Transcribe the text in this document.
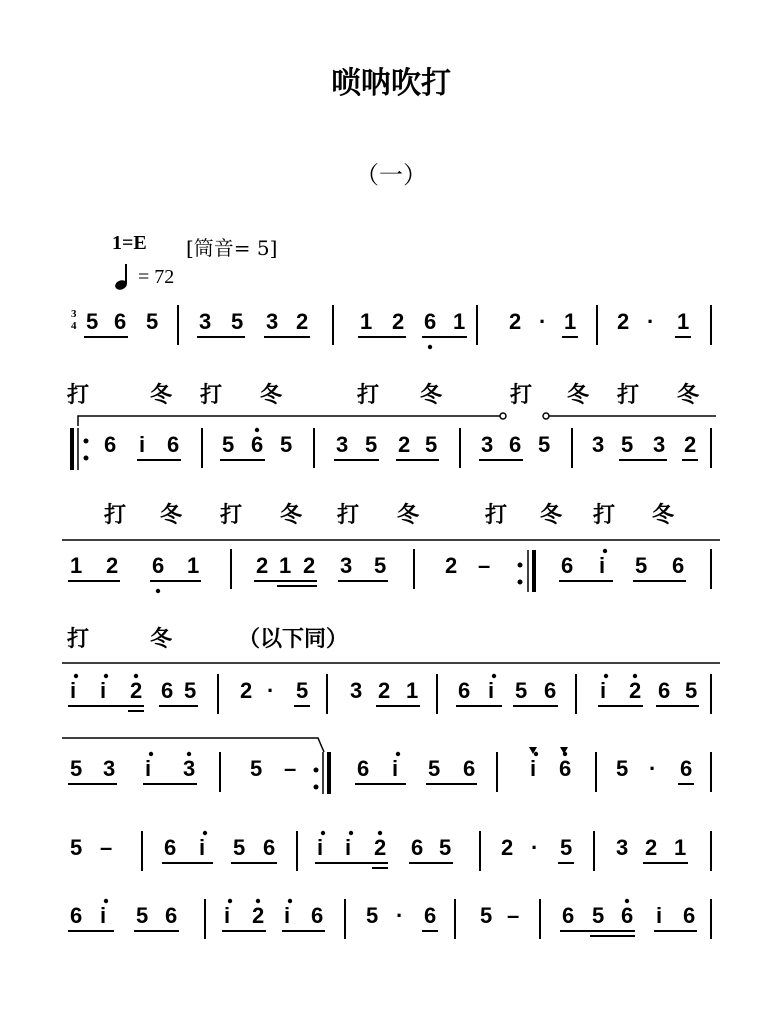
唢呐吹打
（一）
1=E [筒音= 5]
= 72
3
4 5 6 5 3 5 3 2 1 2 6 1 2 · 1 2 · 1
6 i 6 5 6 5 3 5 2 5 3 6 5 3 5 3 2
1 2 6 1	2 1 2 3 5	2 –	6 i 5 6
i i 2 6 5 2 · 5 3 2 1 6 i 5 6 i 2 6 5
5 3 i 3 5 –	6 i 5 6 i 6 5 · 6
5 – 6 i 5 6 i i 2 6 5 2 · 5 3 2 1
6 i 5 6 i 2 i 6 5 · 6 5 – 6 5 6 i 6
打	冬 打 冬	打 冬	打 冬 打 冬
打 冬 打 冬 打 冬	打 冬 打 冬
打	冬	（以下同）
